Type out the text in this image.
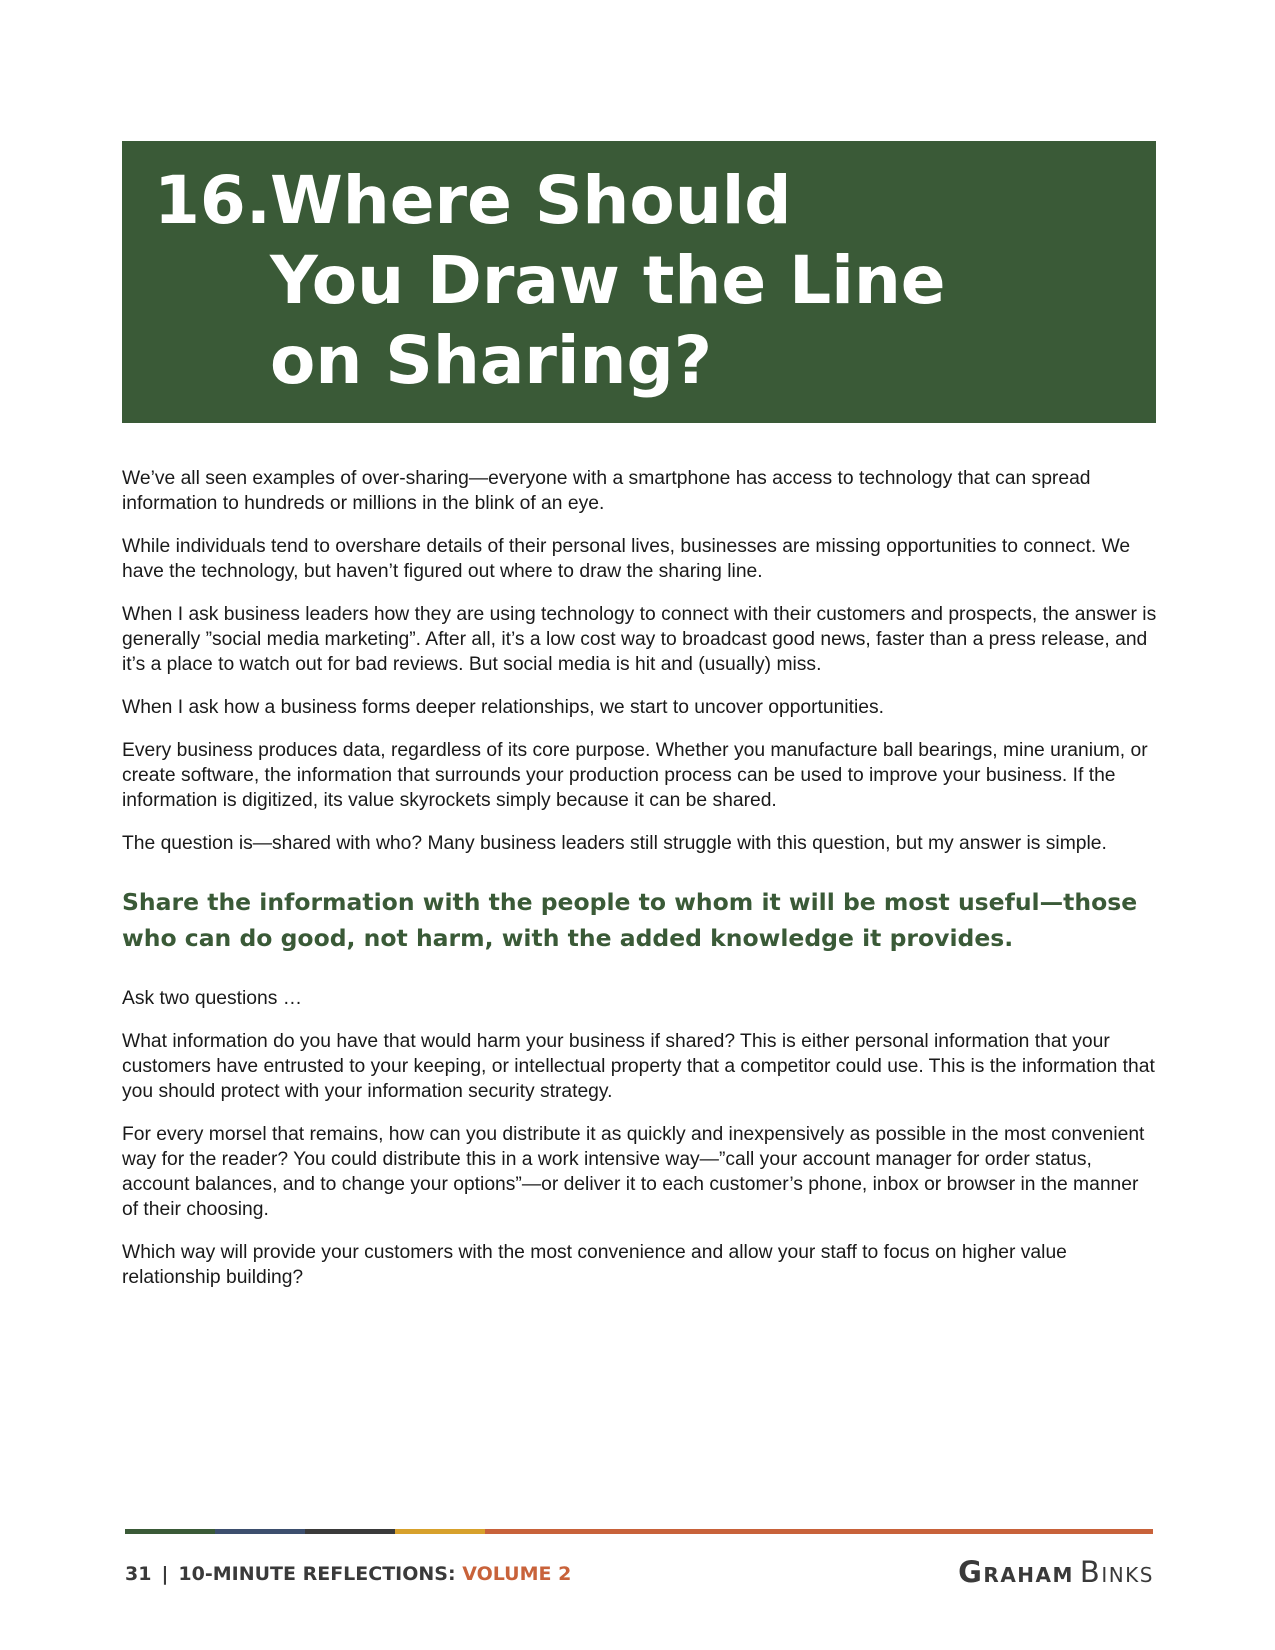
16. Where Should
You Draw the Line
on Sharing?

We’ve all seen examples of over-sharing—everyone with a smartphone has access to technology that can spread information to hundreds or millions in the blink of an eye.

While individuals tend to overshare details of their personal lives, businesses are missing opportunities to connect. We have the technology, but haven’t figured out where to draw the sharing line.

When I ask business leaders how they are using technology to connect with their customers and prospects, the answer is generally ”social media marketing”. After all, it’s a low cost way to broadcast good news, faster than a press release, and it’s a place to watch out for bad reviews. But social media is hit and (usually) miss.

When I ask how a business forms deeper relationships, we start to uncover opportunities.

Every business produces data, regardless of its core purpose. Whether you manufacture ball bearings, mine uranium, or create software, the information that surrounds your production process can be used to improve your business. If the information is digitized, its value skyrockets simply because it can be shared.

The question is—shared with who? Many business leaders still struggle with this question, but my answer is simple.

Share the information with the people to whom it will be most useful—those who can do good, not harm, with the added knowledge it provides.

Ask two questions …

What information do you have that would harm your business if shared? This is either personal information that your customers have entrusted to your keeping, or intellectual property that a competitor could use. This is the information that you should protect with your information security strategy.

For every morsel that remains, how can you distribute it as quickly and inexpensively as possible in the most convenient way for the reader? You could distribute this in a work intensive way—”call your account manager for order status, account balances, and to change your options”—or deliver it to each customer’s phone, inbox or browser in the manner of their choosing.

Which way will provide your customers with the most convenience and allow your staff to focus on higher value relationship building?

31 | 10-MINUTE REFLECTIONS: VOLUME 2	Graham Binks
